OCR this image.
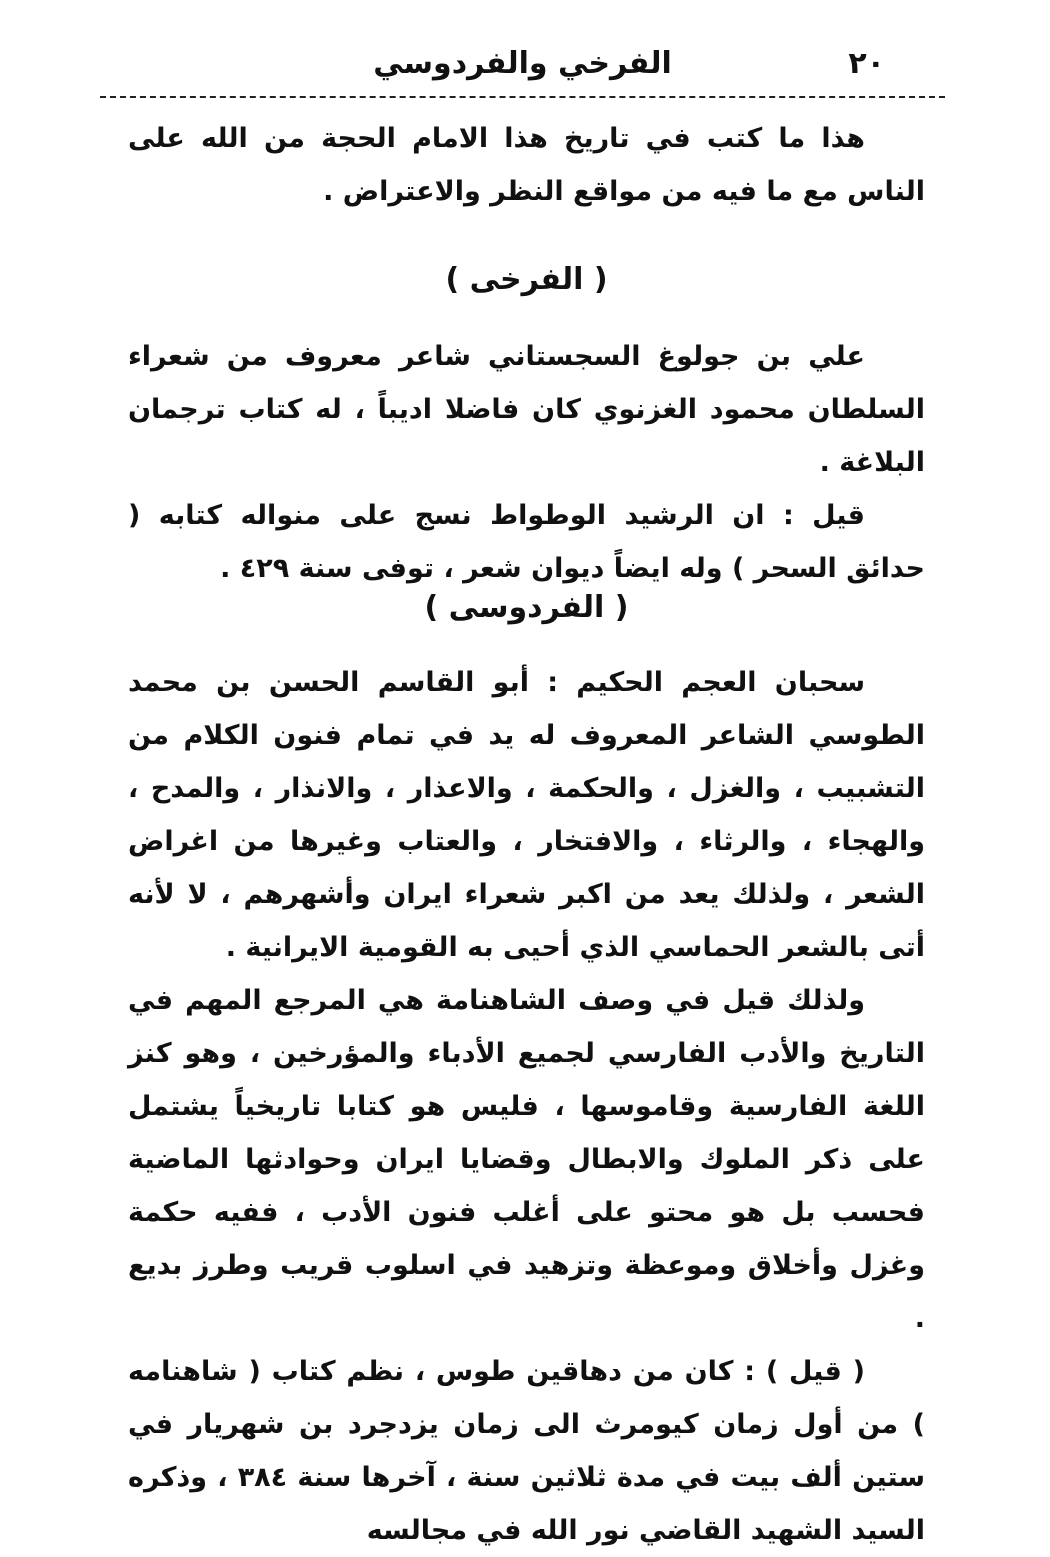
٢٠
الفرخي والفردوسي

هذا ما كتب في تاريخ هذا الامام الحجة من الله على الناس مع ما فيه من مواقع النظر والاعتراض .

( الفرخی )

علي بن جولوغ السجستاني شاعر معروف من شعراء السلطان محمود الغزنوي كان فاضلا اديباً ، له كتاب ترجمان البلاغة .

قيل : ان الرشيد الوطواط نسج على منواله كتابه ( حدائق السحر ) وله ايضاً ديوان شعر ، توفى سنة ٤٢٩ .

( الفردوسی )

سحبان العجم الحكيم : أبو القاسم الحسن بن محمد الطوسي الشاعر المعروف له يد في تمام فنون الكلام من التشبيب ، والغزل ، والحكمة ، والاعذار ، والانذار ، والمدح ، والهجاء ، والرثاء ، والافتخار ، والعتاب وغيرها من اغراض الشعر ، ولذلك يعد من اكبر شعراء ايران وأشهرهم ، لا لأنه أتى بالشعر الحماسي الذي أحيى به القومية الايرانية .

ولذلك قيل في وصف الشاهنامة هي المرجع المهم في التاريخ والأدب الفارسي لجميع الأدباء والمؤرخين ، وهو كنز اللغة الفارسية وقاموسها ، فليس هو كتابا تاريخياً يشتمل على ذكر الملوك والابطال وقضايا ايران وحوادثها الماضية فحسب بل هو محتو على أغلب فنون الأدب ، ففيه حكمة وغزل وأخلاق وموعظة وتزهيد في اسلوب قريب وطرز بديع .

( قيل ) : كان من دهاقين طوس ، نظم كتاب ( شاهنامه ) من أول زمان كيومرث الى زمان يزدجرد بن شهريار في ستين ألف بيت في مدة ثلاثين سنة ، آخرها سنة ٣٨٤ ، وذكره السيد الشهيد القاضي نور الله في مجالسه
